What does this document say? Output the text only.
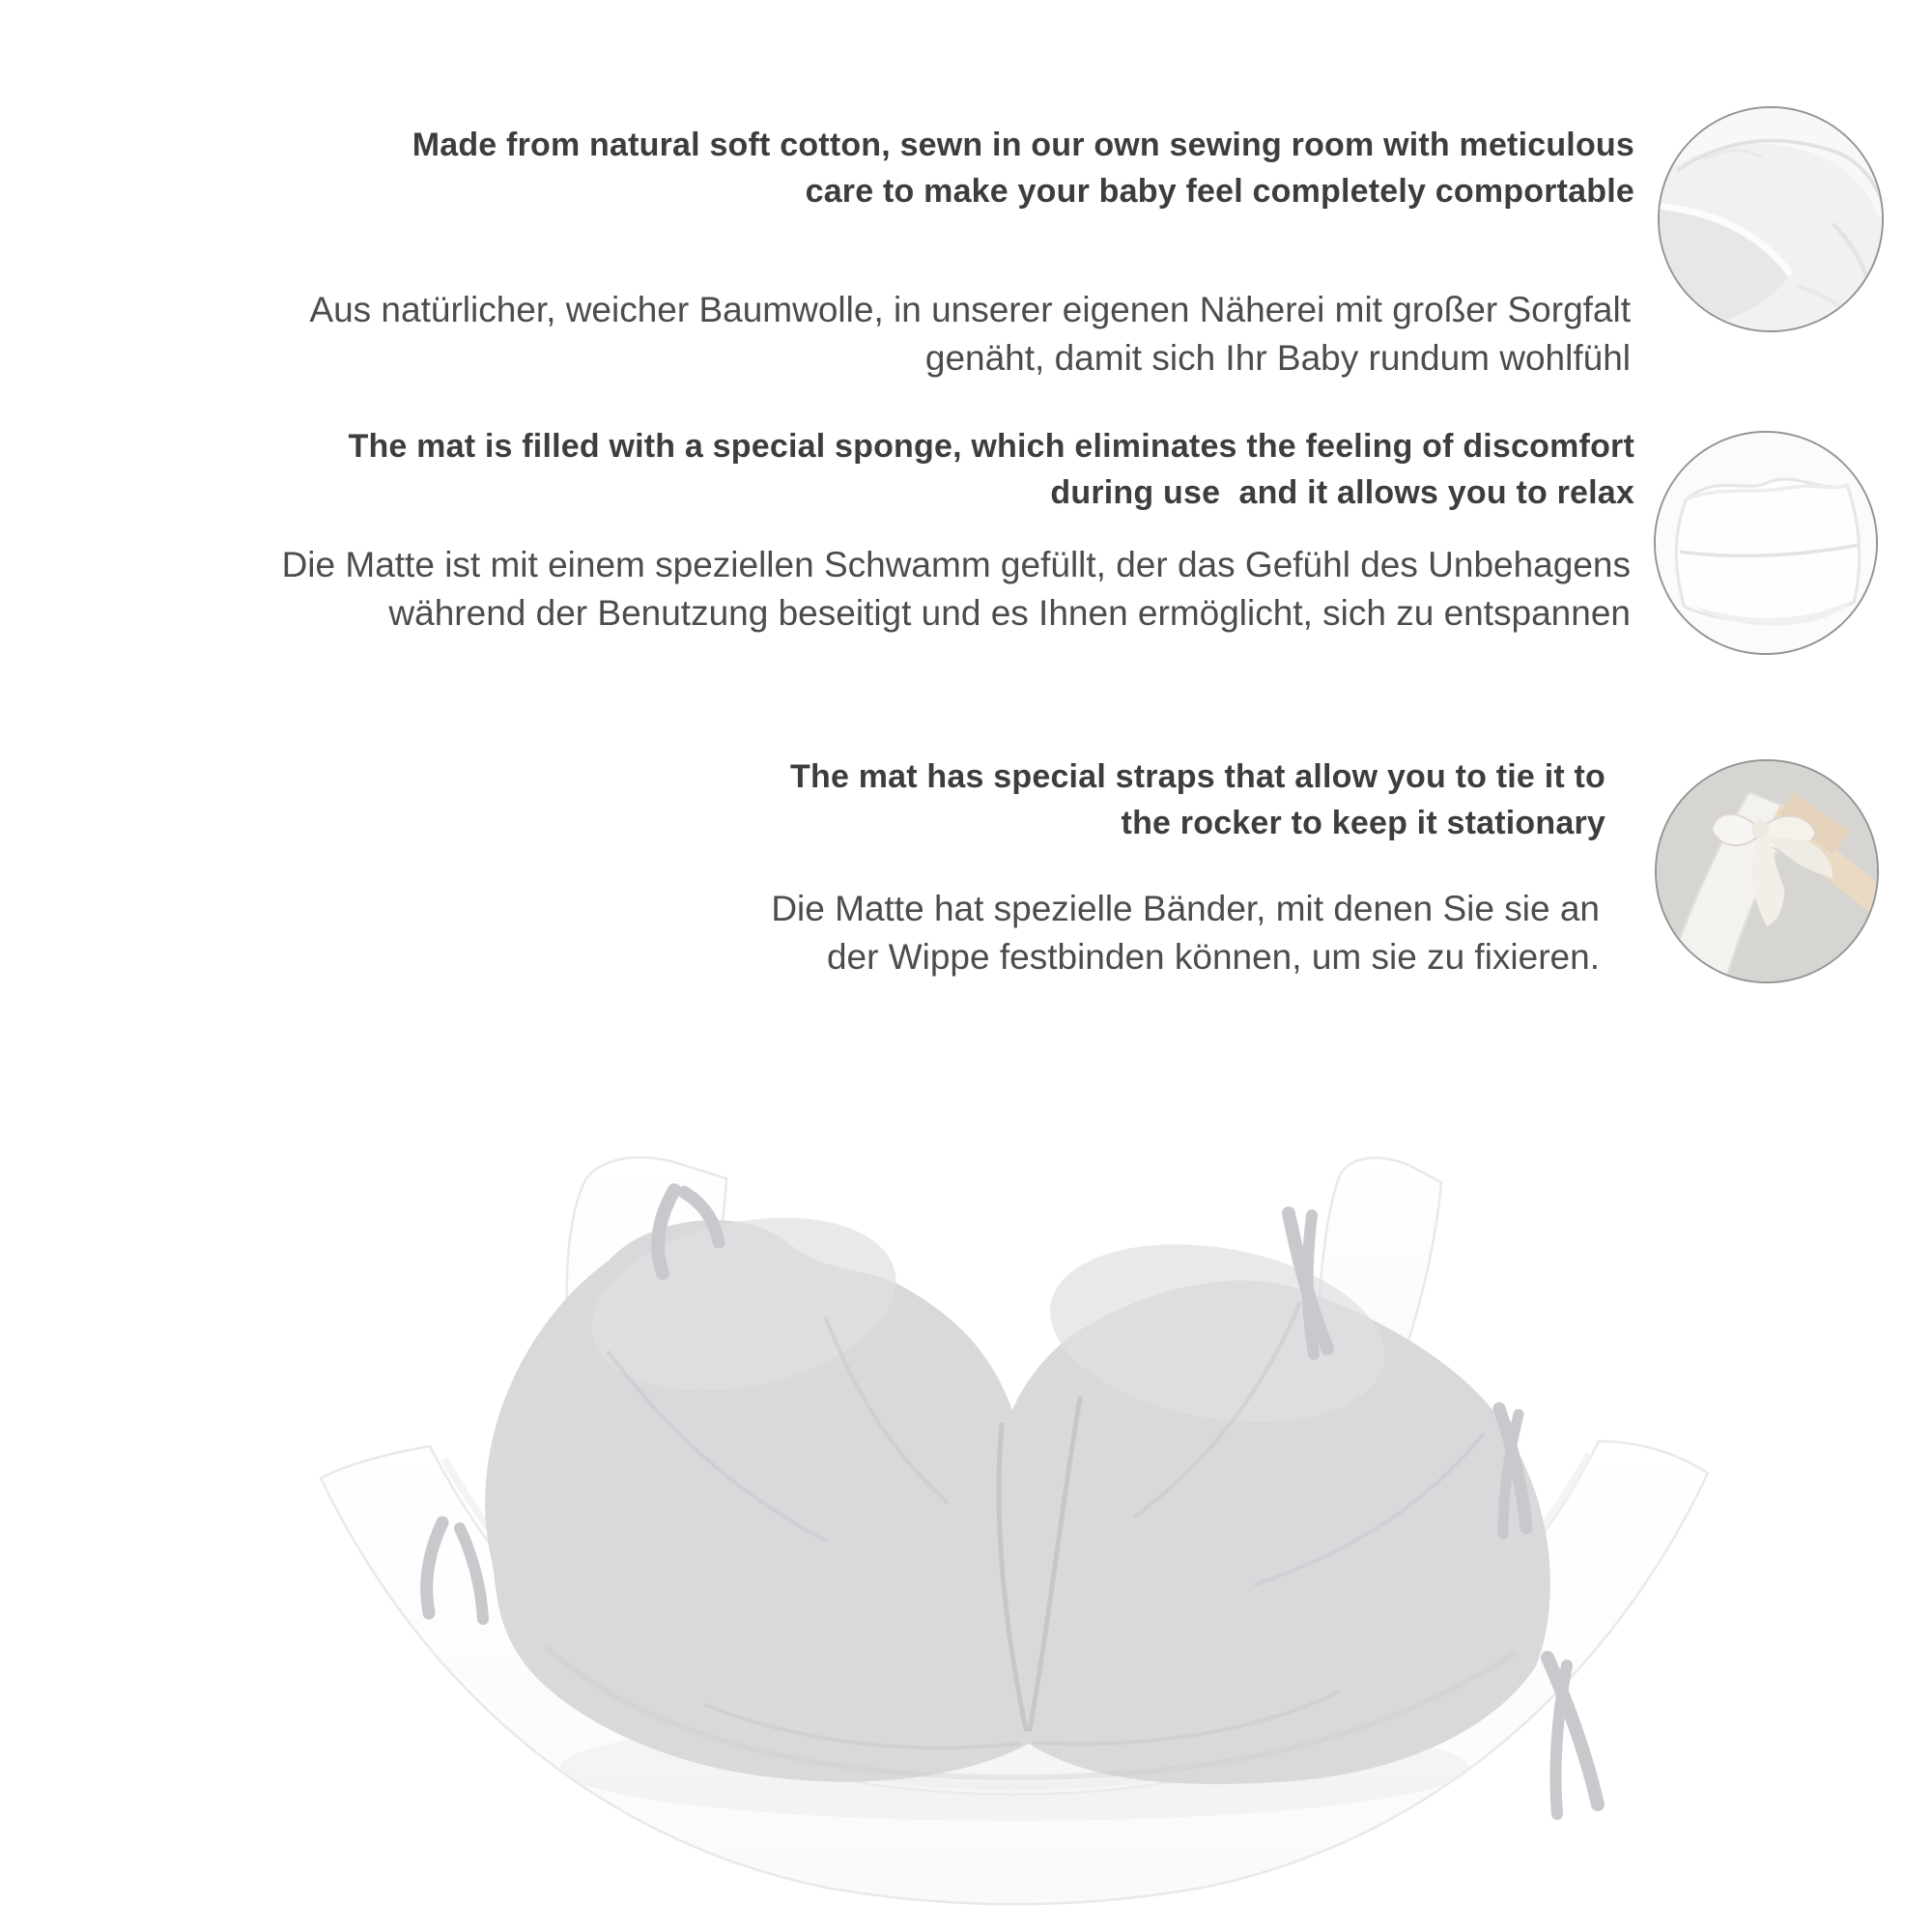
Made from natural soft cotton, sewn in our own sewing room with meticulous
care to make your baby feel completely comportable
Aus natürlicher, weicher Baumwolle, in unserer eigenen Näherei mit großer Sorgfalt
genäht, damit sich Ihr Baby rundum wohlfühl
The mat is filled with a special sponge, which eliminates the feeling of discomfort
during use  and it allows you to relax
Die Matte ist mit einem speziellen Schwamm gefüllt, der das Gefühl des Unbehagens
während der Benutzung beseitigt und es Ihnen ermöglicht, sich zu entspannen
The mat has special straps that allow you to tie it to
the rocker to keep it stationary
Die Matte hat spezielle Bänder, mit denen Sie sie an
der Wippe festbinden können, um sie zu fixieren.
